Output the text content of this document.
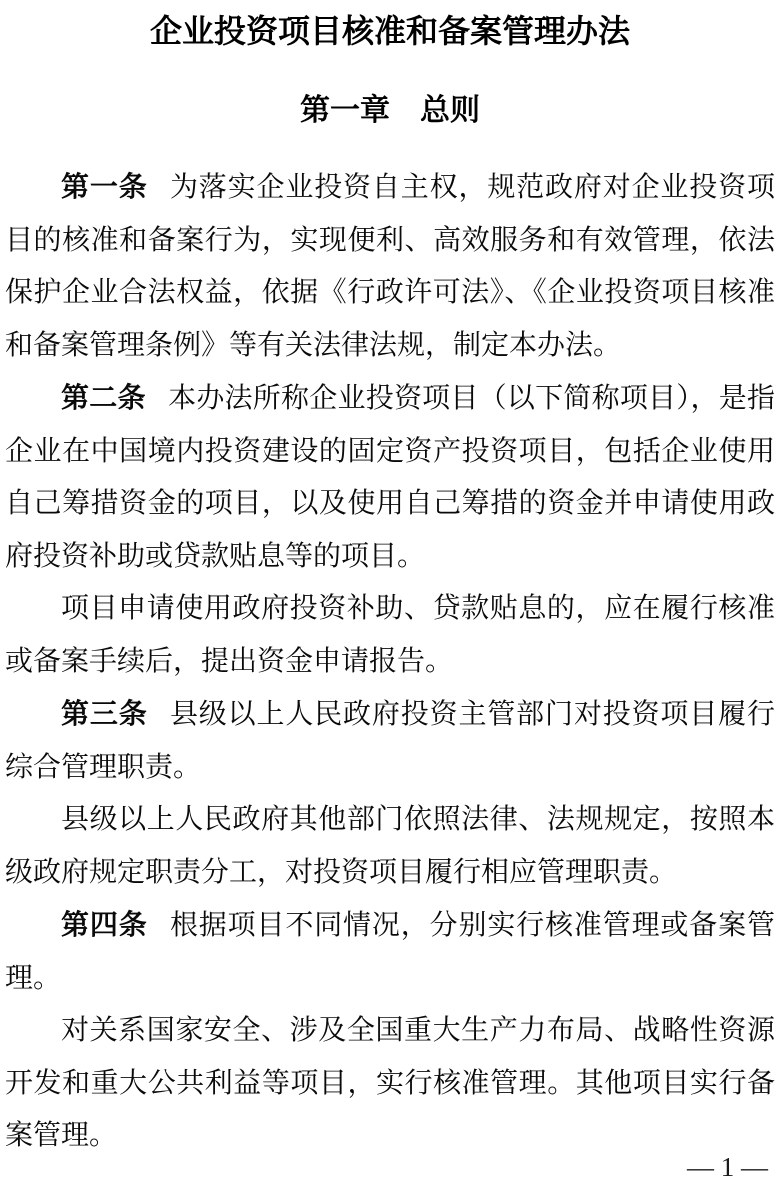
企业投资项目核准和备案管理办法
第一章　总则

第一条 为落实企业投资自主权，规范政府对企业投资项目的核准和备案行为，实现便利、高效服务和有效管理，依法保护企业合法权益，依据《行政许可法》、《企业投资项目核准和备案管理条例》等有关法律法规，制定本办法。

第二条 本办法所称企业投资项目（以下简称项目），是指企业在中国境内投资建设的固定资产投资项目，包括企业使用自己筹措资金的项目，以及使用自己筹措的资金并申请使用政府投资补助或贷款贴息等的项目。

项目申请使用政府投资补助、贷款贴息的，应在履行核准或备案手续后，提出资金申请报告。

第三条 县级以上人民政府投资主管部门对投资项目履行综合管理职责。

县级以上人民政府其他部门依照法律、法规规定，按照本级政府规定职责分工，对投资项目履行相应管理职责。

第四条 根据项目不同情况，分别实行核准管理或备案管理。

对关系国家安全、涉及全国重大生产力布局、战略性资源开发和重大公共利益等项目，实行核准管理。其他项目实行备案管理。

— 1 —
